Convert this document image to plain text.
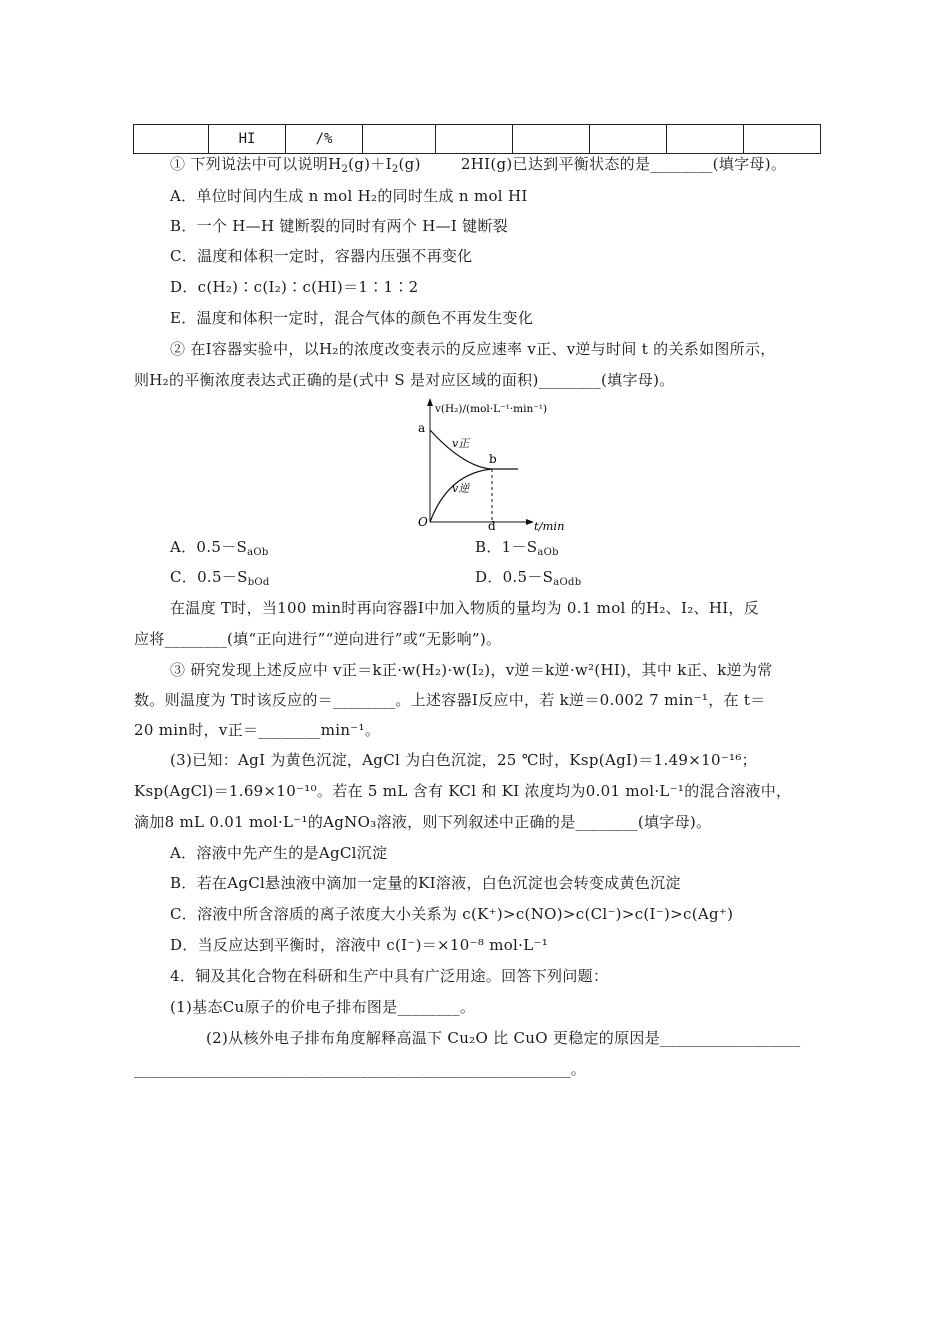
	HI	/%						
① 下列说法中可以说明$H_2(g)+I_2(g)$	2HI(g)已达到平衡状态的是________(填字母)。
A．单位时间内生成 n mol H₂的同时生成 n mol HI
B．一个 H—H 键断裂的同时有两个 H—I 键断裂
C．温度和体积一定时，容器内压强不再变化
D．c(H₂)∶c(I₂)∶c(HI)＝1∶1∶2
E．温度和体积一定时，混合气体的颜色不再发生变化
② 在Ⅰ容器实验中，以H₂的浓度改变表示的反应速率 v正、v逆与时间 t 的关系如图所示，
则H₂的平衡浓度表达式正确的是(式中 S 是对应区域的面积)________(填字母)。
v(H₂)/(mol·L⁻¹·min⁻¹)
a
v正
b
v逆
O	d	t/min
A．$0.5-S_{aOb}$	B．$1-S_{aOb}$
C．$0.5-S_{bOd}$	D．$0.5-S_{aOdb}$
在温度 T时，当100 min时再向容器Ⅰ中加入物质的量均为 0.1 mol 的H₂、I₂、HI，反
应将________(填“正向进行”“逆向进行”或“无影响”)。
③ 研究发现上述反应中 v正＝k正·w(H₂)·w(I₂)，v逆＝k逆·w²(HI)，其中 k正、k逆为常
数。则温度为 T时该反应的＝________。上述容器Ⅰ反应中，若 k逆＝0.002 7 min⁻¹，在 t＝
20 min时，v正＝________min⁻¹。
(3)已知：AgI 为黄色沉淀，AgCl 为白色沉淀，25 ℃时，Ksp(AgI)＝1.49×10⁻¹⁶；
Ksp(AgCl)＝1.69×10⁻¹⁰。若在 5 mL 含有 KCl 和 KI 浓度均为0.01 mol·L⁻¹的混合溶液中，
滴加8 mL 0.01 mol·L⁻¹的AgNO₃溶液，则下列叙述中正确的是________(填字母)。
A．溶液中先产生的是AgCl沉淀
B．若在AgCl悬浊液中滴加一定量的KI溶液，白色沉淀也会转变成黄色沉淀
C．溶液中所含溶质的离子浓度大小关系为 c(K⁺)>c(NO)>c(Cl⁻)>c(I⁻)>c(Ag⁺)
D．当反应达到平衡时，溶液中 c(I⁻)＝×10⁻⁸ mol·L⁻¹
4．铜及其化合物在科研和生产中具有广泛用途。回答下列问题：
(1)基态Cu原子的价电子排布图是________。
(2)从核外电子排布角度解释高温下 Cu₂O 比 CuO 更稳定的原因是__________________
________________________________________________________。
